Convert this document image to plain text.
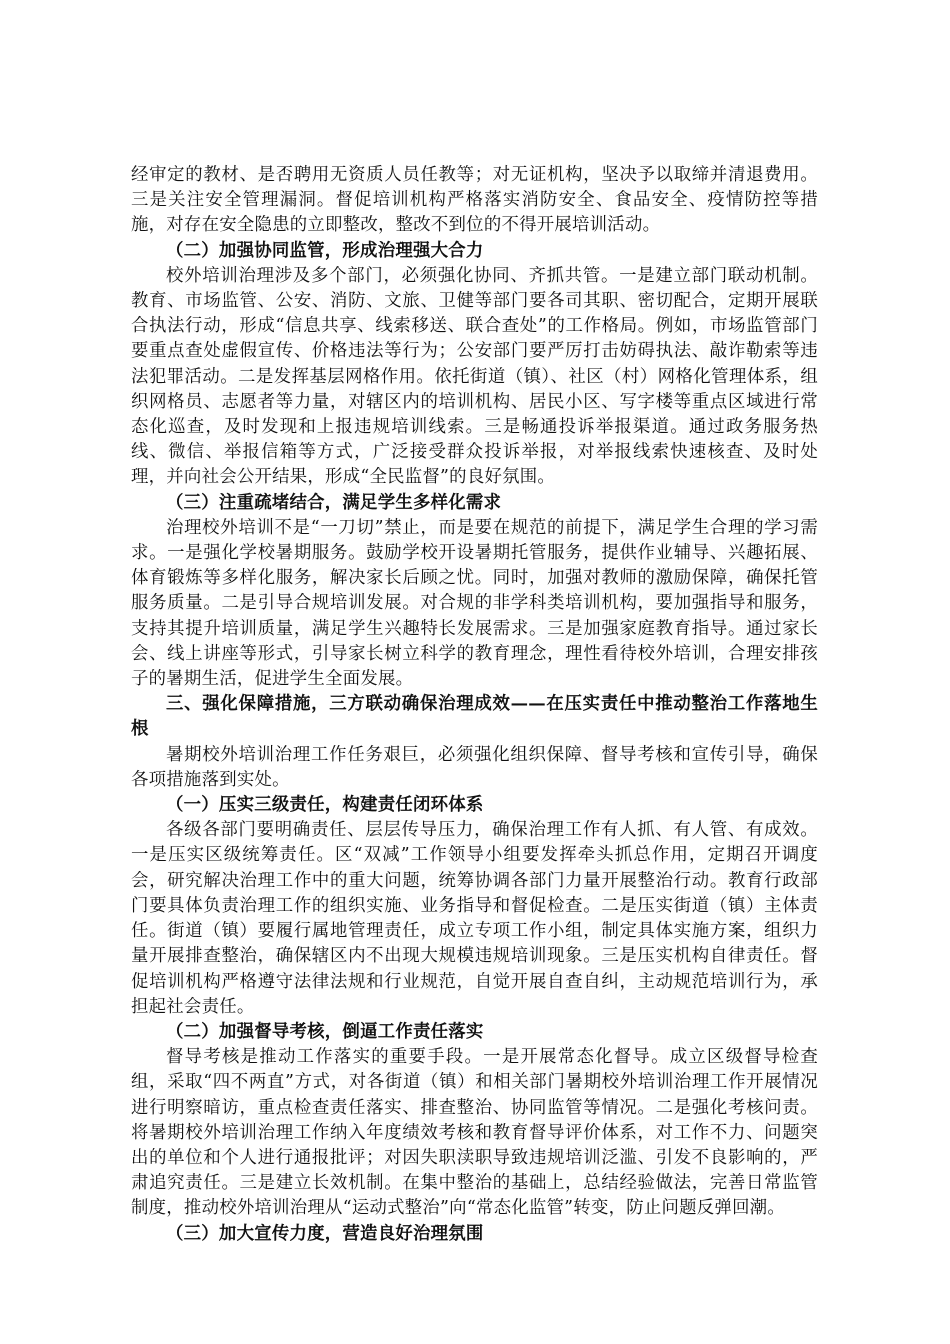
经审定的教材、是否聘用无资质人员任教等；对无证机构，坚决予以取缔并清退费用。三是关注安全管理漏洞。督促培训机构严格落实消防安全、食品安全、疫情防控等措施，对存在安全隐患的立即整改，整改不到位的不得开展培训活动。

（二）加强协同监管，形成治理强大合力

校外培训治理涉及多个部门，必须强化协同、齐抓共管。一是建立部门联动机制。教育、市场监管、公安、消防、文旅、卫健等部门要各司其职、密切配合，定期开展联合执法行动，形成“信息共享、线索移送、联合查处”的工作格局。例如，市场监管部门要重点查处虚假宣传、价格违法等行为；公安部门要严厉打击妨碍执法、敲诈勒索等违法犯罪活动。二是发挥基层网格作用。依托街道（镇）、社区（村）网格化管理体系，组织网格员、志愿者等力量，对辖区内的培训机构、居民小区、写字楼等重点区域进行常态化巡查，及时发现和上报违规培训线索。三是畅通投诉举报渠道。通过政务服务热线、微信、举报信箱等方式，广泛接受群众投诉举报，对举报线索快速核查、及时处理，并向社会公开结果，形成“全民监督”的良好氛围。

（三）注重疏堵结合，满足学生多样化需求

治理校外培训不是“一刀切”禁止，而是要在规范的前提下，满足学生合理的学习需求。一是强化学校暑期服务。鼓励学校开设暑期托管服务，提供作业辅导、兴趣拓展、体育锻炼等多样化服务，解决家长后顾之忧。同时，加强对教师的激励保障，确保托管服务质量。二是引导合规培训发展。对合规的非学科类培训机构，要加强指导和服务，支持其提升培训质量，满足学生兴趣特长发展需求。三是加强家庭教育指导。通过家长会、线上讲座等形式，引导家长树立科学的教育理念，理性看待校外培训，合理安排孩子的暑期生活，促进学生全面发展。

三、强化保障措施，三方联动确保治理成效——在压实责任中推动整治工作落地生根

暑期校外培训治理工作任务艰巨，必须强化组织保障、督导考核和宣传引导，确保各项措施落到实处。

（一）压实三级责任，构建责任闭环体系

各级各部门要明确责任、层层传导压力，确保治理工作有人抓、有人管、有成效。一是压实区级统筹责任。区“双减”工作领导小组要发挥牵头抓总作用，定期召开调度会，研究解决治理工作中的重大问题，统筹协调各部门力量开展整治行动。教育行政部门要具体负责治理工作的组织实施、业务指导和督促检查。二是压实街道（镇）主体责任。街道（镇）要履行属地管理责任，成立专项工作小组，制定具体实施方案，组织力量开展排查整治，确保辖区内不出现大规模违规培训现象。三是压实机构自律责任。督促培训机构严格遵守法律法规和行业规范，自觉开展自查自纠，主动规范培训行为，承担起社会责任。

（二）加强督导考核，倒逼工作责任落实

督导考核是推动工作落实的重要手段。一是开展常态化督导。成立区级督导检查组，采取“四不两直”方式，对各街道（镇）和相关部门暑期校外培训治理工作开展情况进行明察暗访，重点检查责任落实、排查整治、协同监管等情况。二是强化考核问责。将暑期校外培训治理工作纳入年度绩效考核和教育督导评价体系，对工作不力、问题突出的单位和个人进行通报批评；对因失职渎职导致违规培训泛滥、引发不良影响的，严肃追究责任。三是建立长效机制。在集中整治的基础上，总结经验做法，完善日常监管制度，推动校外培训治理从“运动式整治”向“常态化监管”转变，防止问题反弹回潮。

（三）加大宣传力度，营造良好治理氛围
